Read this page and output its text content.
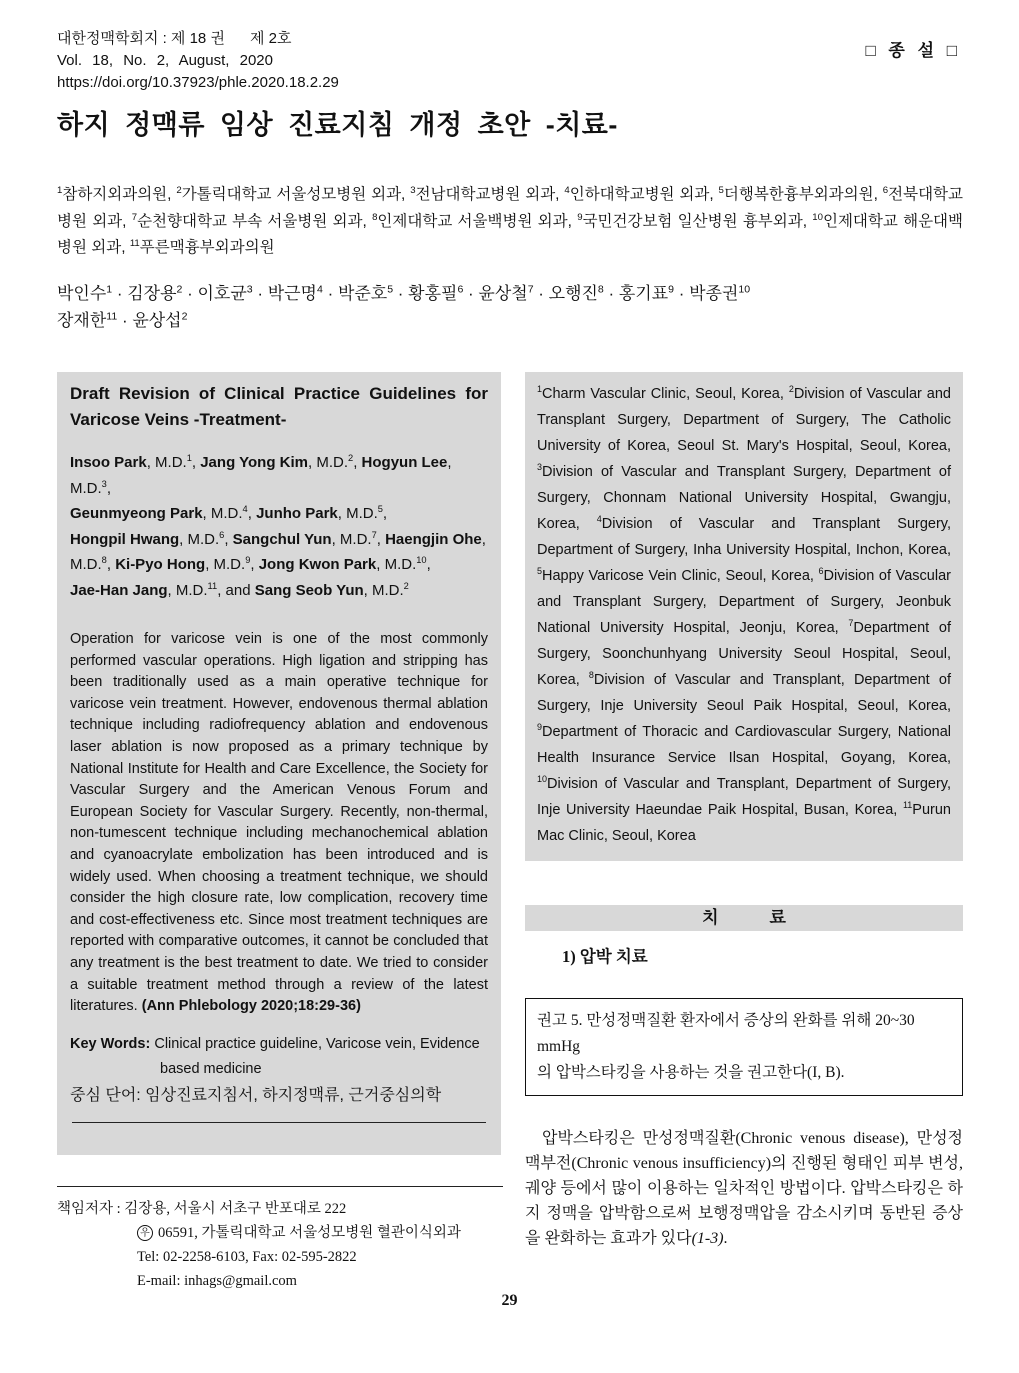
대한정맥학회지 : 제 18 권      제 2호
Vol. 18, No. 2, August, 2020
https://doi.org/10.37923/phle.2020.18.2.29
□ 종 설 □
하지 정맥류 임상 진료지침 개정 초안 -치료-
$^1$참하지외과의원, $^2$가톨릭대학교 서울성모병원 외과, $^3$전남대학교병원 외과, $^4$인하대학교병원 외과, $^5$더행복한흉부외과의원, $^6$전북대학교병원 외과, $^7$순천향대학교 부속 서울병원 외과, $^8$인제대학교 서울백병원 외과, $^9$국민건강보험 일산병원 흉부외과, $^{10}$인제대학교 해운대백병원 외과, $^{11}$푸른맥흉부외과의원
박인수$^1$ · 김장용$^2$ · 이호균$^3$ · 박근명$^4$ · 박준호$^5$ · 황홍필$^6$ · 윤상철$^7$ · 오행진$^8$ · 홍기표$^9$ · 박종권$^{10}$
장재한$^{11}$ · 윤상섭$^2$
Draft Revision of Clinical Practice Guidelines for Varicose Veins -Treatment-
Insoo Park, M.D.$^1$, Jang Yong Kim, M.D.$^2$, Hogyun Lee, M.D.$^3$,
Geunmyeong Park, M.D.$^4$, Junho Park, M.D.$^5$,
Hongpil Hwang, M.D.$^6$, Sangchul Yun, M.D.$^7$, Haengjin Ohe,
M.D.$^8$, Ki-Pyo Hong, M.D.$^9$, Jong Kwon Park, M.D.$^{10}$,
Jae-Han Jang, M.D.$^{11}$, and Sang Seob Yun, M.D.$^2$
Operation for varicose vein is one of the most commonly performed vascular operations. High ligation and stripping has been traditionally used as a main operative technique for varicose vein treatment. However, endovenous thermal ablation technique including radiofrequency ablation and endovenous laser ablation is now proposed as a primary technique by National Institute for Health and Care Excellence, the Society for Vascular Surgery and the American Venous Forum and European Society for Vascular Surgery. Recently, non-thermal, non-tumescent technique including mechanochemical ablation and cyanoacrylate embolization has been introduced and is widely used. When choosing a treatment technique, we should consider the high closure rate, low complication, recovery time and cost-effectiveness etc. Since most treatment techniques are reported with comparative outcomes, it cannot be concluded that any treatment is the best treatment to date. We tried to consider a suitable treatment method through a review of the latest literatures. (Ann Phlebology 2020;18:29-36)
Key Words: Clinical practice guideline, Varicose vein, Evidence based medicine
중심 단어: 임상진료지침서, 하지정맥류, 근거중심의학
$^1$Charm Vascular Clinic, Seoul, Korea, $^2$Division of Vascular and Transplant Surgery, Department of Surgery, The Catholic University of Korea, Seoul St. Mary's Hospital, Seoul, Korea, $^3$Division of Vascular and Transplant Surgery, Department of Surgery, Chonnam National University Hospital, Gwangju, Korea, $^4$Division of Vascular and Transplant Surgery, Department of Surgery, Inha University Hospital, Inchon, Korea, $^5$Happy Varicose Vein Clinic, Seoul, Korea, $^6$Division of Vascular and Transplant Surgery, Department of Surgery, Jeonbuk National University Hospital, Jeonju, Korea, $^7$Department of Surgery, Soonchunhyang University Seoul Hospital, Seoul, Korea, $^8$Division of Vascular and Transplant, Department of Surgery, Inje University Seoul Paik Hospital, Seoul, Korea, $^9$Department of Thoracic and Cardiovascular Surgery, National Health Insurance Service Ilsan Hospital, Goyang, Korea, $^{10}$Division of Vascular and Transplant, Department of Surgery, Inje University Haeundae Paik Hospital, Busan, Korea, $^{11}$Purun Mac Clinic, Seoul, Korea
치            료
1) 압박 치료
권고 5. 만성정맥질환 환자에서 증상의 완화를 위해 20~30 mmHg
의 압박스타킹을 사용하는 것을 권고한다(I, B).

압박스타킹은 만성정맥질환(Chronic venous disease), 만성정맥부전(Chronic venous insufficiency)의 진행된 형태인 피부 변성, 궤양 등에서 많이 이용하는 일차적인 방법이다. 압박스타킹은 하지 정맥을 압박함으로써 보행정맥압을 감소시키며 동반된 증상을 완화하는 효과가 있다(1-3).

책임저자 : 김장용, 서울시 서초구 반포대로 222
우 06591, 가톨릭대학교 서울성모병원 혈관이식외과
Tel: 02-2258-6103, Fax: 02-595-2822
E-mail: inhags@gmail.com
29
